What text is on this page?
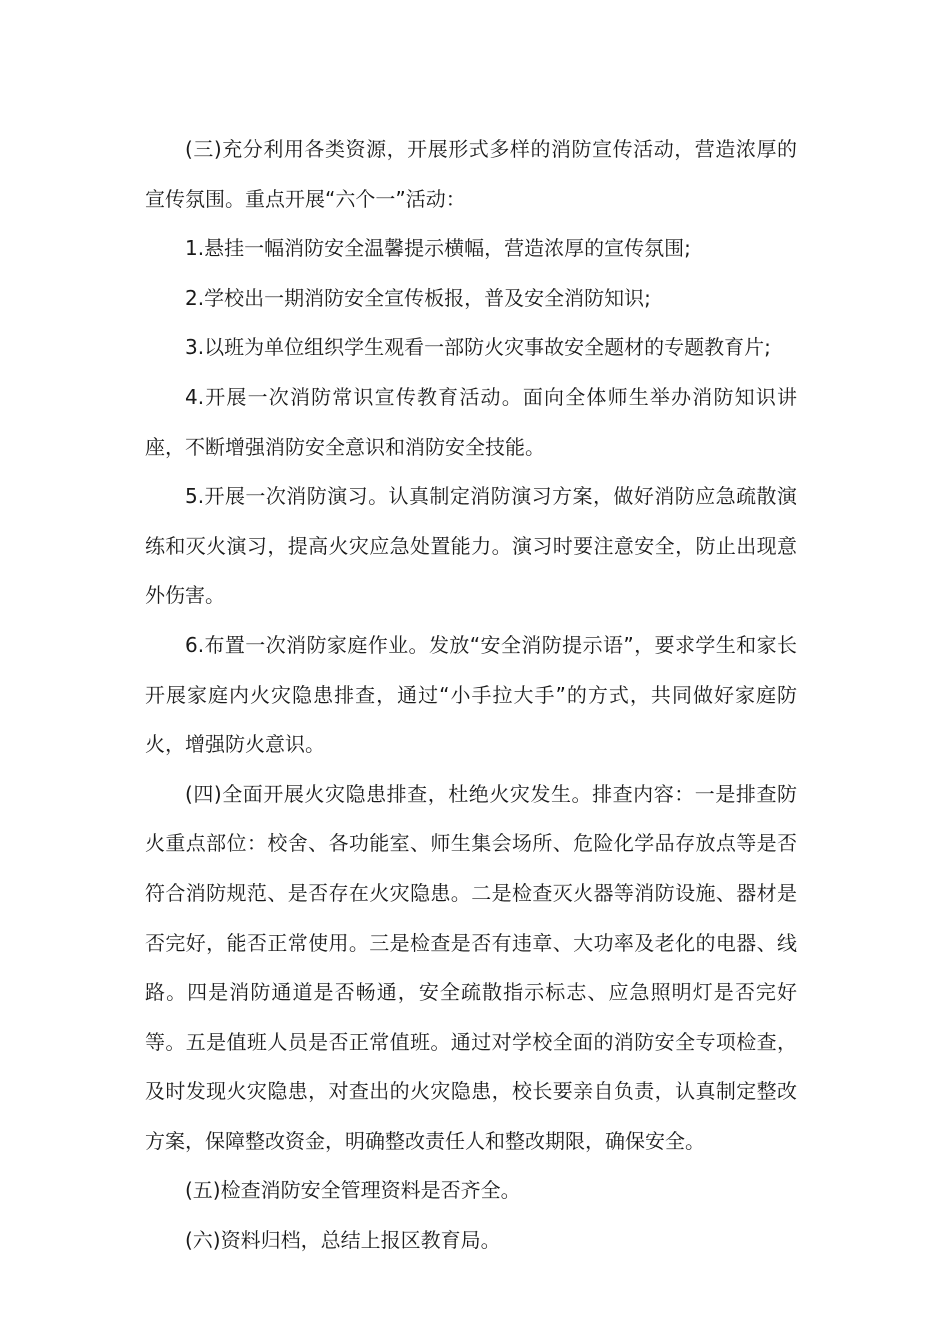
(三)充分利用各类资源，开展形式多样的消防宣传活动，营造浓厚的宣传氛围。重点开展“六个一”活动：

1.悬挂一幅消防安全温馨提示横幅，营造浓厚的宣传氛围;

2.学校出一期消防安全宣传板报，普及安全消防知识;

3.以班为单位组织学生观看一部防火灾事故安全题材的专题教育片;

4.开展一次消防常识宣传教育活动。面向全体师生举办消防知识讲座，不断增强消防安全意识和消防安全技能。

5.开展一次消防演习。认真制定消防演习方案，做好消防应急疏散演练和灭火演习，提高火灾应急处置能力。演习时要注意安全，防止出现意外伤害。

6.布置一次消防家庭作业。发放“安全消防提示语”，要求学生和家长开展家庭内火灾隐患排查，通过“小手拉大手”的方式，共同做好家庭防火，增强防火意识。

(四)全面开展火灾隐患排查，杜绝火灾发生。排查内容：一是排查防火重点部位：校舍、各功能室、师生集会场所、危险化学品存放点等是否符合消防规范、是否存在火灾隐患。二是检查灭火器等消防设施、器材是否完好，能否正常使用。三是检查是否有违章、大功率及老化的电器、线路。四是消防通道是否畅通，安全疏散指示标志、应急照明灯是否完好等。五是值班人员是否正常值班。通过对学校全面的消防安全专项检查，及时发现火灾隐患，对查出的火灾隐患，校长要亲自负责，认真制定整改方案，保障整改资金，明确整改责任人和整改期限，确保安全。

(五)检查消防安全管理资料是否齐全。

(六)资料归档，总结上报区教育局。
